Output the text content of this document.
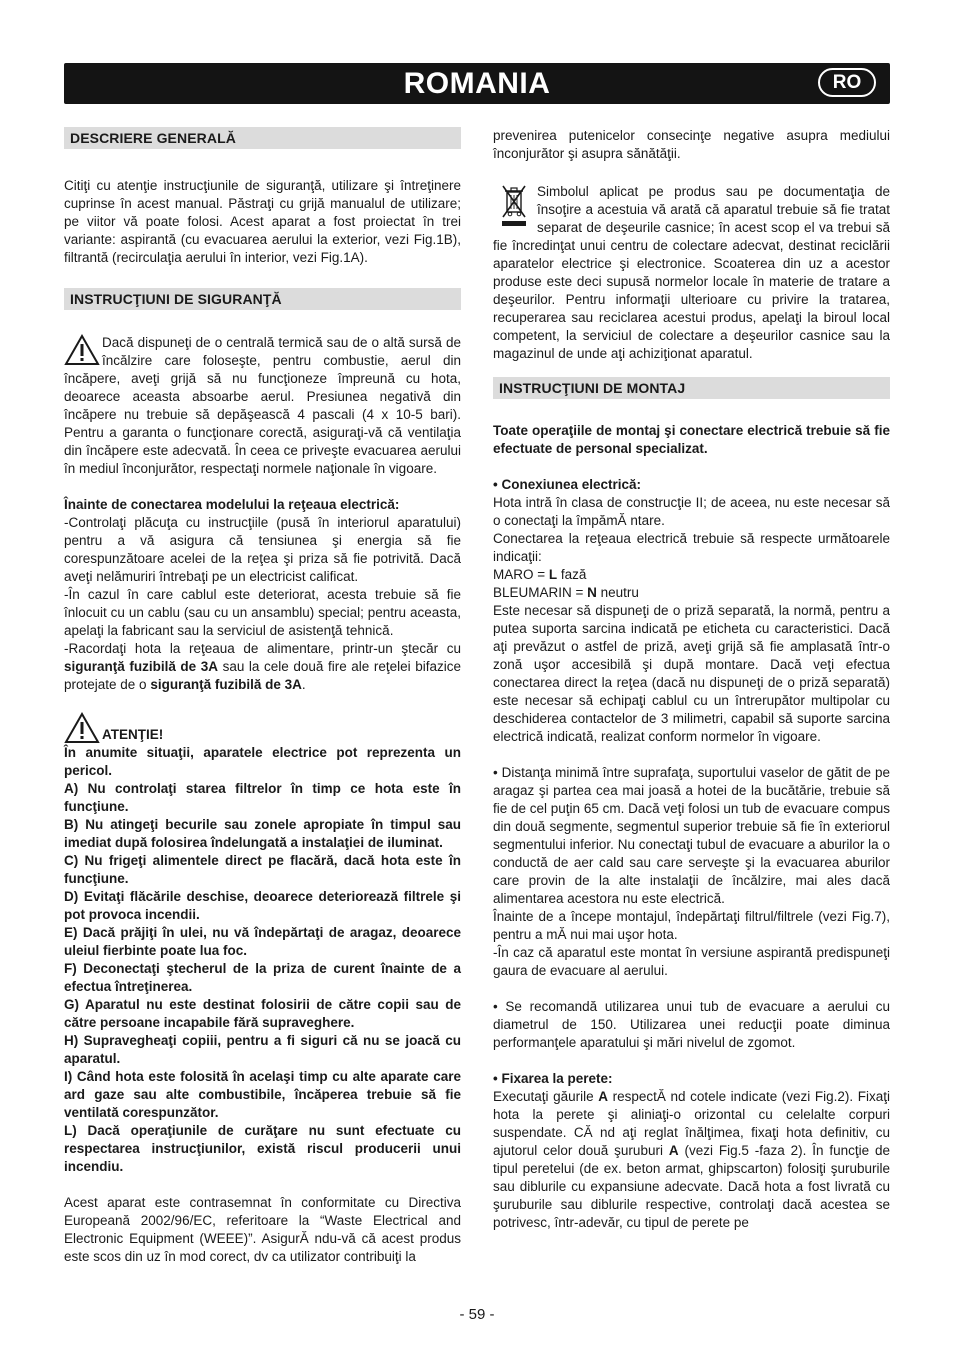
ROMANIA	RO
DESCRIERE GENERALĂ

Citiţi cu atenţie instrucţiunile de siguranţă, utilizare şi întreţinere cuprinse în acest manual. Păstraţi cu grijă manualul de utilizare; pe viitor vă poate folosi. Acest aparat a fost proiectat în trei variante: aspirantă (cu evacuarea aerului la exterior, vezi Fig.1B), filtrantă (recirculaţia aerului în interior, vezi Fig.1A).

INSTRUCŢIUNI DE SIGURANŢĂ

Dacă dispuneţi de o centrală termică sau de o altă sursă de încălzire care foloseşte, pentru combustie, aerul din încăpere, aveţi grijă să nu funcţioneze împreună cu hota, deoarece aceasta absoarbe aerul. Presiunea negativă din încăpere nu trebuie să depăşească 4 pascali (4 x 10-5 bari). Pentru a garanta o funcţionare corectă, asiguraţi-vă că ventilaţia din încăpere este adecvată. În ceea ce priveşte evacuarea aerului în mediul înconjurător, respectaţi normele naţionale în vigoare.

Înainte de conectarea modelului la reţeaua electrică:

-Controlaţi plăcuţa cu instrucţiile (pusă în interiorul aparatului) pentru a vă asigura că tensiunea şi energia să fie corespunzătoare acelei de la reţea şi priza să fie potrivită. Dacă aveţi nelămuriri întrebaţi pe un electricist calificat.

-În cazul în care cablul este deteriorat, acesta trebuie să fie înlocuit cu un cablu (sau cu un ansamblu) special; pentru aceasta, apelaţi la fabricant sau la serviciul de asistenţă tehnică.

-Racordaţi hota la reţeaua de alimentare, printr-un ştecăr cu siguranţă fuzibilă de 3A sau la cele două fire ale reţelei bifazice protejate de o siguranţă fuzibilă de 3A.

ATENŢIE!

În anumite situaţii, aparatele electrice pot reprezenta un pericol.

A) Nu controlaţi starea filtrelor în timp ce hota este în funcţiune.

B) Nu atingeţi becurile sau zonele apropiate în timpul sau imediat după folosirea îndelungată a instalaţiei de iluminat.

C) Nu frigeţi alimentele direct pe flacără, dacă hota este în funcţiune.

D) Evitaţi flăcările deschise, deoarece deteriorează filtrele şi pot provoca incendii.

E) Dacă prăjiţi în ulei, nu vă îndepărtaţi de aragaz, deoarece uleiul fierbinte poate lua foc.

F) Deconectaţi ştecherul de la priza de curent înainte de a efectua întreţinerea.

G) Aparatul nu este destinat folosirii de către copii sau de către persoane incapabile fără supraveghere.

H) Supravegheaţi copiii, pentru a fi siguri că nu se joacă cu aparatul.

I) Când hota este folosită în acelaşi timp cu alte aparate care ard gaze sau alte combustibile, încăperea trebuie să fie ventilată corespunzător.

L) Dacă operaţiunile de curăţare nu sunt efectuate cu respectarea instrucţiunilor, există riscul producerii unui incendiu.

Acest aparat este contrasemnat în conformitate cu Directiva Europeană 2002/96/EC, referitoare la “Waste Electrical and Electronic Equipment (WEEE)”. AsigurĂ ndu-vă că acest produs este scos din uz în mod corect, dv ca utilizator contribuiţi la

prevenirea putenicelor consecinţe negative asupra mediului înconjurător şi asupra sănătăţii.

Simbolul aplicat pe produs sau pe documentaţia de însoţire a acestuia vă arată că aparatul trebuie să fie tratat separat de deşeurile casnice; în acest scop el va trebui să fie încredinţat unui centru de colectare adecvat, destinat reciclării aparatelor electrice şi electronice. Scoaterea din uz a acestor produse este deci supusă normelor locale în materie de tratare a deşeurilor. Pentru informaţii ulterioare cu privire la tratarea, recuperarea sau reciclarea acestui produs, apelaţi la biroul local competent, la serviciul de colectare a deşeurilor casnice sau la magazinul de unde aţi achiziţionat aparatul.

INSTRUCŢIUNI DE MONTAJ

Toate operaţiile de montaj şi conectare electrică trebuie să fie efectuate de personal specializat.

• Conexiunea electrică:

Hota intră în clasa de construcţie II; de aceea, nu este necesar să o conectaţi la împămĂ ntare.

Conectarea la reţeaua electrică trebuie să respecte următoarele indicaţii:

MARO = L fază

BLEUMARIN = N neutru

Este necesar să dispuneţi de o priză separată, la normă, pentru a putea suporta sarcina indicată pe eticheta cu caracteristici. Dacă aţi prevăzut o astfel de priză, aveţi grijă să fie amplasată într-o zonă uşor accesibilă şi după montare. Dacă veţi efectua conectarea direct la reţea (dacă nu dispuneţi de o priză separată) este necesar să echipaţi cablul cu un întrerupător multipolar cu deschiderea contactelor de 3 milimetri, capabil să suporte sarcina electrică indicată, realizat conform normelor în vigoare.

• Distanţa minimă între suprafaţa, suportului vaselor de gătit de pe aragaz şi partea cea mai joasă a hotei de la bucătărie, trebuie să fie de cel puţin 65 cm. Dacă veţi folosi un tub de evacuare compus din două segmente, segmentul superior trebuie să fie în exteriorul segmentului inferior. Nu conectaţi tubul de evacuare a aburilor la o conductă de aer cald sau care serveşte şi la evacuarea aburilor care provin de la alte instalaţii de încălzire, mai ales dacă alimentarea acestora nu este electrică.

Înainte de a începe montajul, îndepărtaţi filtrul/filtrele (vezi Fig.7), pentru a mĂ nui mai uşor hota.

-În caz că aparatul este montat în versiune aspirantă predispuneţi gaura de evacuare al aerului.

• Se recomandă utilizarea unui tub de evacuare a aerului cu diametrul de 150. Utilizarea unei reducţii poate diminua performanţele aparatului şi mări nivelul de zgomot.

• Fixarea la perete:

Executaţi găurile A respectĂ nd cotele indicate (vezi Fig.2). Fixaţi hota la perete şi aliniaţi-o orizontal cu celelalte corpuri suspendate. CĂ nd aţi reglat înălţimea, fixaţi hota definitiv, cu ajutorul celor două şuruburi A (vezi Fig.5 -faza 2). În funcţie de tipul peretelui (de ex. beton armat, ghipscarton) folosiţi şuruburile sau diblurile cu expansiune adecvate. Dacă hota a fost livrată cu şuruburile sau diblurile respective, controlaţi dacă acestea se potrivesc, într-adevăr, cu tipul de perete pe

- 59 -
